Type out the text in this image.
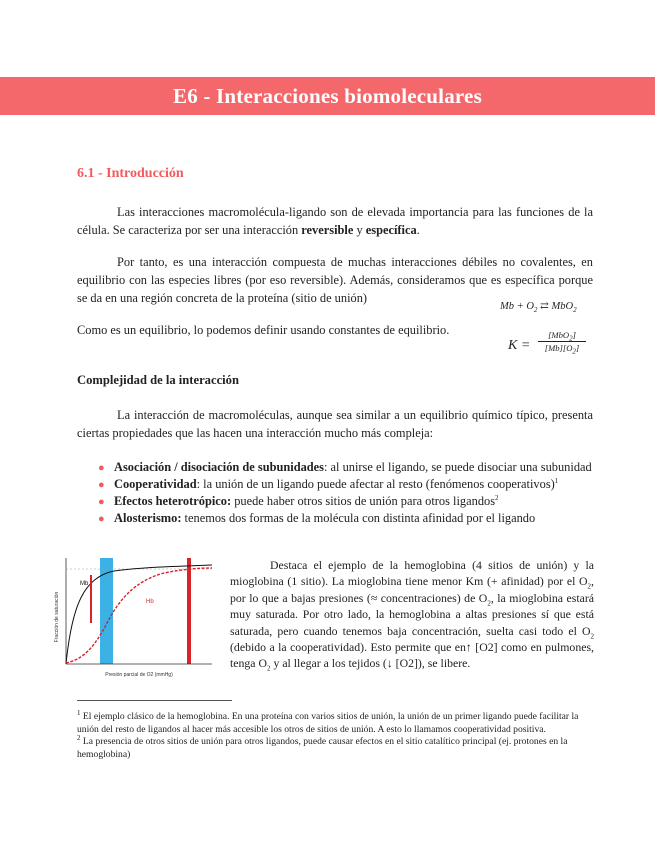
E6 - Interacciones biomoleculares
6.1 - Introducción

Las interacciones macromolécula-ligando son de elevada importancia para las funciones de la célula. Se caracteriza por ser una interacción reversible y específica.

Por tanto, es una interacción compuesta de muchas interacciones débiles no covalentes, en equilibrio con las especies libres (por eso reversible). Además, consideramos que es específica porque se da en una región concreta de la proteína (sitio de unión)

$Mb + O_2$ ⇄ MbO$_2$
K =
[MbO$_2$]
$[Mb][O_2]$

Como es un equilibrio, lo podemos definir usando constantes de equilibrio.

Complejidad de la interacción

La interacción de macromoléculas, aunque sea similar a un equilibrio químico típico, presenta ciertas propiedades que las hacen una interacción mucho más compleja:

● Asociación / disociación de subunidades: al unirse el ligando, se puede disociar una subunidad
● Cooperatividad: la unión de un ligando puede afectar al resto (fenómenos cooperativos)$^1$
● Efectos heterotrópico: puede haber otros sitios de unión para otros ligandos$^2$
● Alosterismo: tenemos dos formas de la molécula con distinta afinidad por el ligando
Mb
Hb
Fracción de saturación
Presión parcial de O2 (mmHg)

Destaca el ejemplo de la hemoglobina (4 sitios de unión) y la mioglobina (1 sitio). La mioglobina tiene menor Km (+ afinidad) por el $O_2$, por lo que a bajas presiones (≈ concentraciones) de $O_2$, la mioglobina estará muy saturada. Por otro lado, la hemoglobina a altas presiones sí que está saturada, pero cuando tenemos baja concentración, suelta casi todo el $O_2$ (debido a la cooperatividad). Esto permite que en↑ [O2] como en pulmones, tenga $O_2$ y al llegar a los tejidos (↓ [O2]), se libere.

$^1$ El ejemplo clásico de la hemoglobina. En una proteína con varios sitios de unión, la unión de un primer ligando puede facilitar la unión del resto de ligandos al hacer más accesible los otros de sitios de unión. A esto lo llamamos cooperatividad positiva.

$^2$ La presencia de otros sitios de unión para otros ligandos, puede causar efectos en el sitio catalítico principal (ej. protones en la hemoglobina)
